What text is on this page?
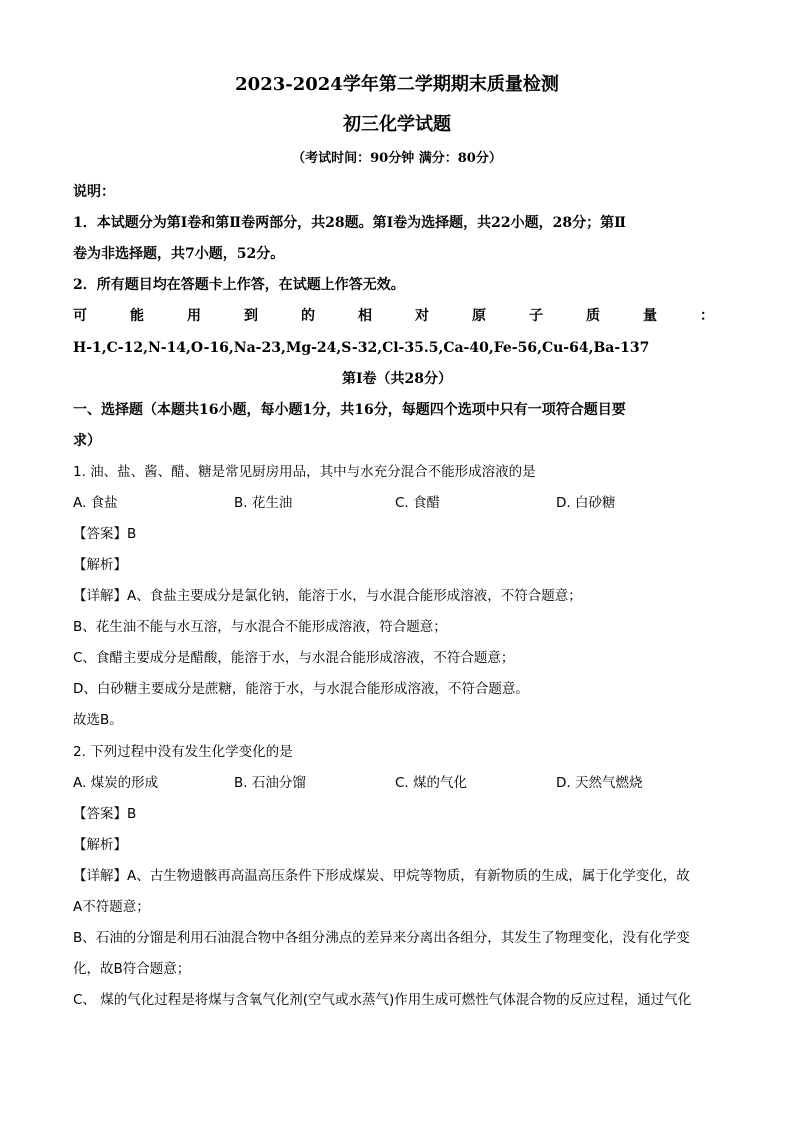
2023-2024学年第二学期期末质量检测
初三化学试题
（考试时间：90分钟 满分：80分）
说明：
1．本试题分为第Ⅰ卷和第Ⅱ卷两部分，共28题。第Ⅰ卷为选择题，共22小题，28分；第Ⅱ
卷为非选择题，共7小题，52分。
2．所有题目均在答题卡上作答，在试题上作答无效。
可	能	用	到	的	相	对	原	子	质	量	：
H-1,C-12,N-14,O-16,Na-23,Mg-24,S-32,Cl-35.5,Ca-40,Fe-56,Cu-64,Ba-137
第Ⅰ卷（共28分）
一、选择题（本题共16小题，每小题1分，共16分，每题四个选项中只有一项符合题目要
求）
1. 油、盐、酱、醋、糖是常见厨房用品，其中与水充分混合不能形成溶液的是
A. 食盐	B. 花生油	C. 食醋	D. 白砂糖
【答案】B
【解析】
【详解】A、食盐主要成分是氯化钠，能溶于水，与水混合能形成溶液，不符合题意；
B、花生油不能与水互溶，与水混合不能形成溶液，符合题意；
C、食醋主要成分是醋酸，能溶于水，与水混合能形成溶液，不符合题意；
D、白砂糖主要成分是蔗糖，能溶于水，与水混合能形成溶液，不符合题意。
故选B。
2. 下列过程中没有发生化学变化的是
A. 煤炭的形成	B. 石油分馏	C. 煤的气化	D. 天然气燃烧
【答案】B
【解析】
【详解】A、古生物遗骸再高温高压条件下形成煤炭、甲烷等物质，有新物质的生成，属于化学变化，故
A不符题意；
B、石油的分馏是利用石油混合物中各组分沸点的差异来分离出各组分，其发生了物理变化，没有化学变
化，故B符合题意；
C、 煤的气化过程是将煤与含氧气化剂(空气或水蒸气)作用生成可燃性气体混合物的反应过程，通过气化
